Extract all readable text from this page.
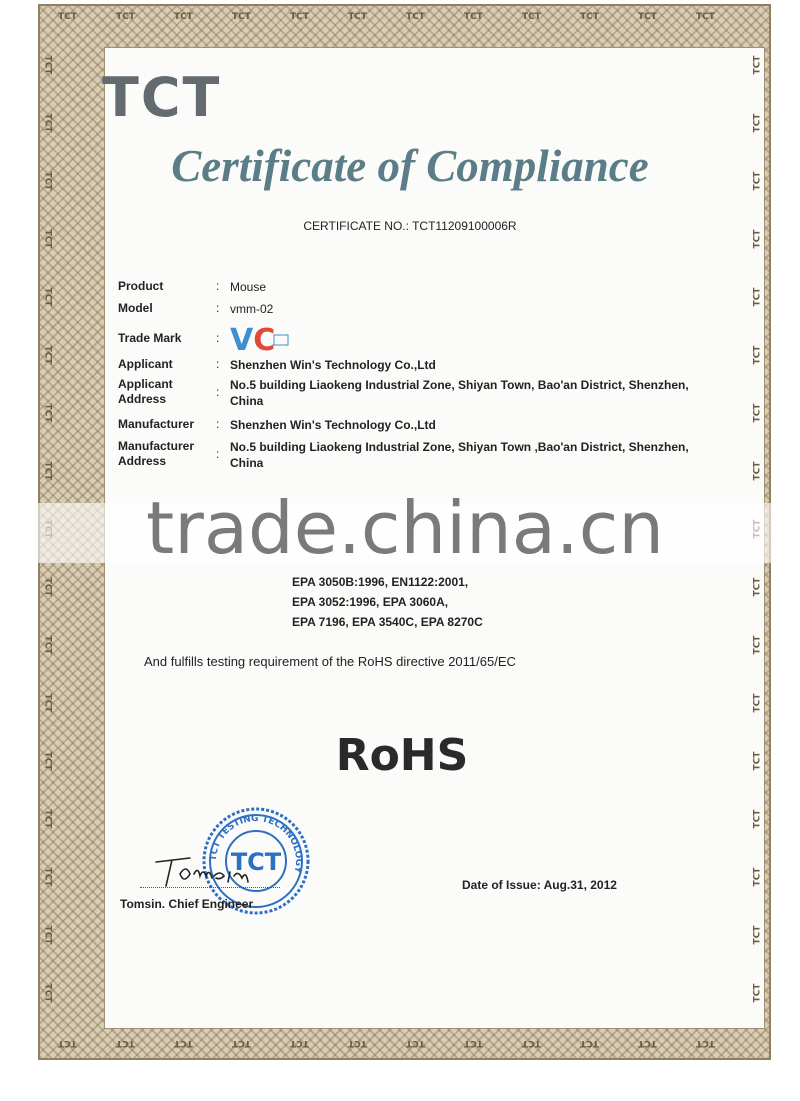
TCT
TCT
TCT
TCT
TCT
TCT
TCT
TCT
TCT
TCT
TCT
TCT
TCT
TCT
TCT
TCT
TCT
TCT
TCT
TCT
TCT
TCT
TCT
TCT
TCT	TCT
TCT	TCT
TCT	TCT
TCT	TCT
TCT	TCT
TCT	TCT
TCT	TCT
TCT	TCT
TCT	TCT
TCT	TCT
TCT	TCT
TCT	TCT
TCT	TCT
TCT	TCT
TCT	TCT
TCT	TCT
TCT
Certificate of Compliance
CERTIFICATE NO.: TCT11209100006R
Product	: Mouse
Model	: vmm-02
Trade Mark	: VC
Applicant	: Shenzhen Win's Technology Co.,Ltd
Applicant Address	: No.5 building Liaokeng Industrial Zone, Shiyan Town, Bao'an District, Shenzhen, China
Manufacturer	: Shenzhen Win's Technology Co.,Ltd
Manufacturer Address	: No.5 building Liaokeng Industrial Zone, Shiyan Town ,Bao'an District, Shenzhen, China
trade.china.cn
EPA 3050B:1996, EN1122:2001,
EPA 3052:1996, EPA 3060A,
EPA 7196, EPA 3540C, EPA 8270C
And fulfills testing requirement of the RoHS directive 2011/65/EC
RoHS
TCT TESTING TECHNOLOGY
TCT
Tomsin
Tomsin. Chief Engineer
Date of Issue: Aug.31, 2012
